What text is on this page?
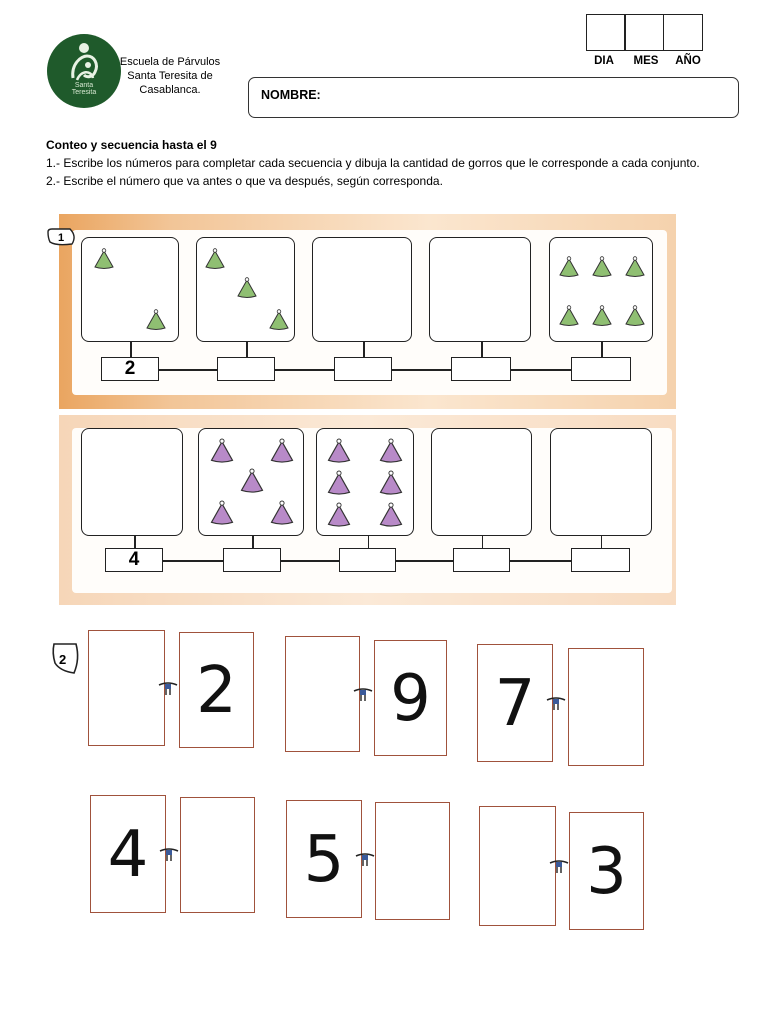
Santa
Teresita
Escuela de Párvulos
Santa Teresita de
Casablanca.
DIA	MES	AÑO
NOMBRE:
Conteo y secuencia hasta el 9
1.- Escribe los números para completar cada secuencia y dibuja la cantidad de gorros que le corresponde a cada conjunto.
2.- Escribe el número que va antes o que va después, según corresponda.
1
2
4
2 2 9 7
4 5	3
